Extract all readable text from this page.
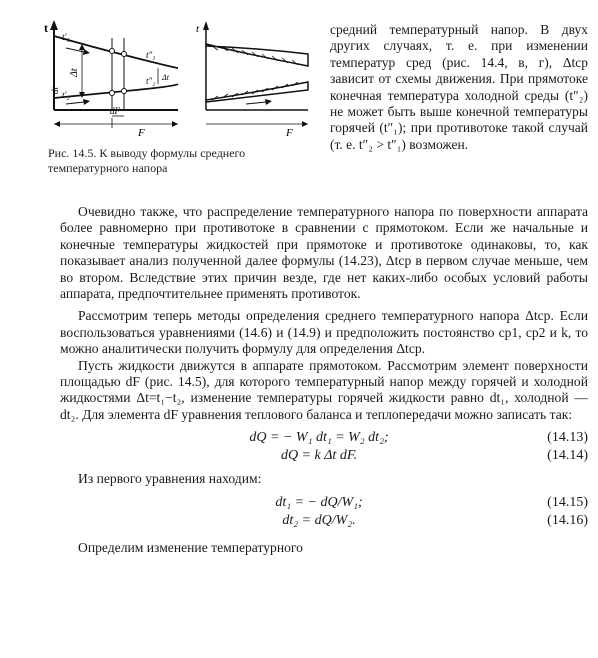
t
Δt
dt
t′₁
t′₂
t″₁
t″₂ Δt
dF
F
t
F
Рис. 14.5. К выводу формулы среднего температурного напора
средний температурный напор. В двух других случаях, т. е. при изменении температур сред (рис. 14.4, в, г), Δtср зависит от схемы движения. При прямотоке конечная температура холодной среды (t″₂) не может быть выше конечной температуры горячей (t″₁); при противотоке такой случай (т. е. t″₂ > t″₁) возможен.

Очевидно также, что распределение температурного напора по поверхности аппарата более равномерно при противотоке в сравнении с прямотоком. Если же начальные и конечные температуры жидкостей при прямотоке и противотоке одинаковы, то, как показывает анализ полученной далее формулы (14.23), Δtср в первом случае меньше, чем во втором. Вследствие этих причин везде, где нет каких-либо особых условий работы аппарата, предпочтительнее применять противоток.

Рассмотрим теперь методы определения среднего температурного напора Δtср. Если воспользоваться уравнениями (14.6) и (14.9) и предположить постоянство cp1, cp2 и k, то можно аналитически получить формулу для определения Δtср.

Пусть жидкости движутся в аппарате прямотоком. Рассмотрим элемент поверхности площадью dF (рис. 14.5), для которого температурный напор между горячей и холодной жидкостями Δt=t₁−t₂, изменение температуры горячей жидкости равно dt₁, холодной — dt₂. Для элемента dF уравнения теплового баланса и теплопередачи можно записать так:

dQ = − W₁ dt₁ = W₂ dt₂;	(14.13)
dQ = k Δt dF.	(14.14)

Из первого уравнения находим:

dt₁ = − dQ/W₁;	(14.15)
dt₂ = dQ/W₂.	(14.16)

Определим изменение температурного
